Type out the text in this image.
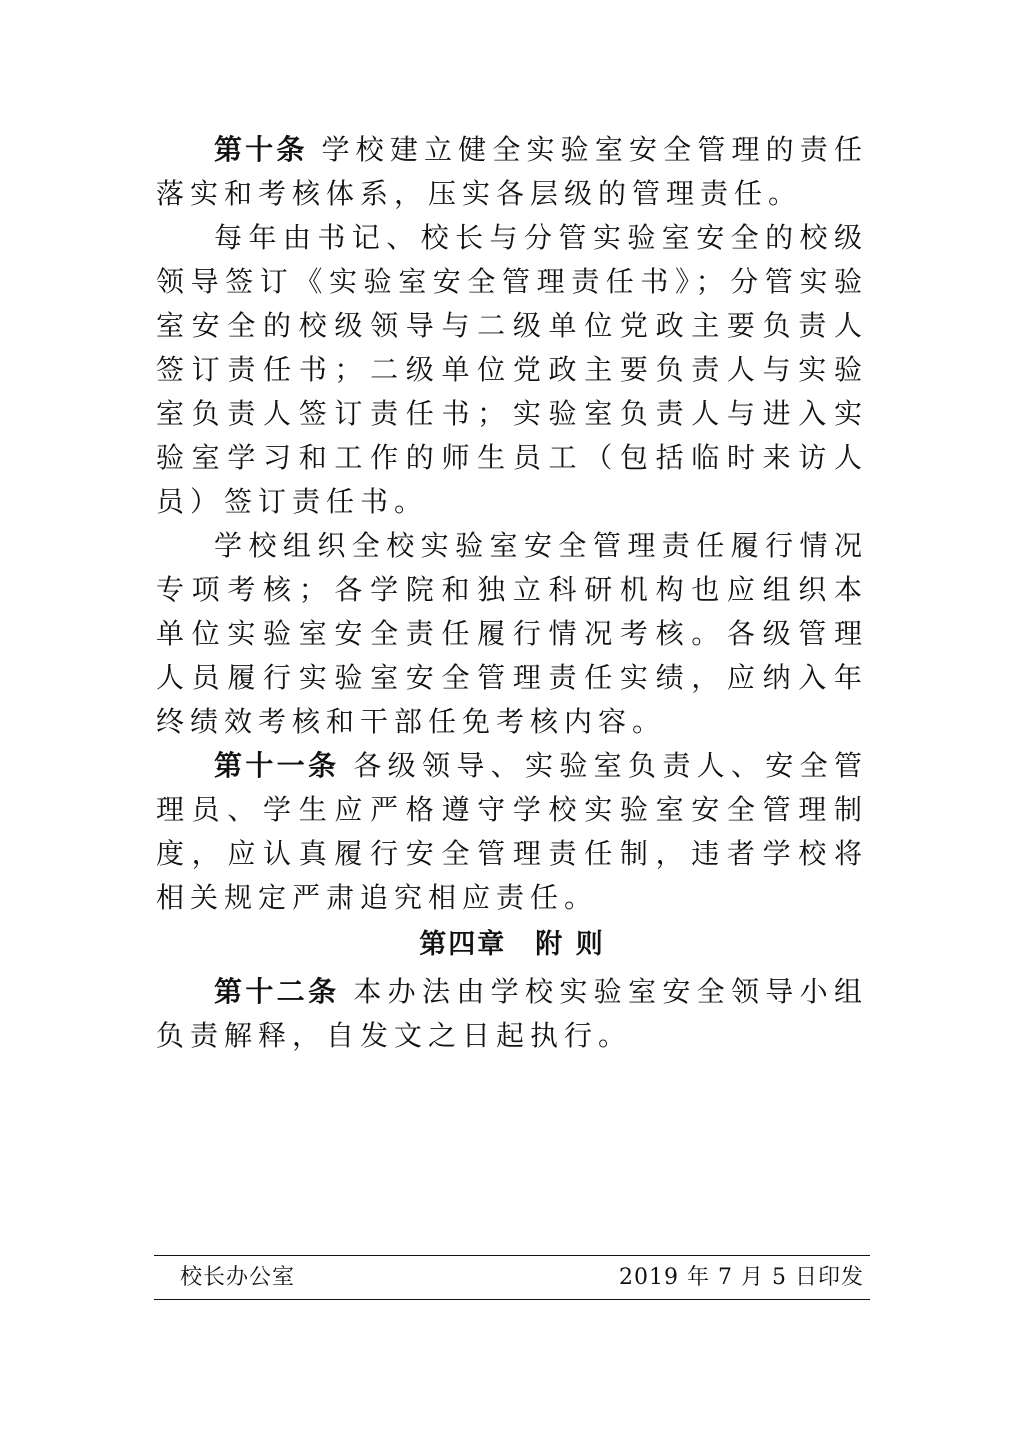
第十条 学校建立健全实验室安全管理的责任落实和考核体系，压实各层级的管理责任。

每年由书记、校长与分管实验室安全的校级领导签订《实验室安全管理责任书》；分管实验室安全的校级领导与二级单位党政主要负责人签订责任书；二级单位党政主要负责人与实验室负责人签订责任书；实验室负责人与进入实验室学习和工作的师生员工（包括临时来访人员）签订责任书。

学校组织全校实验室安全管理责任履行情况专项考核；各学院和独立科研机构也应组织本单位实验室安全责任履行情况考核。各级管理人员履行实验室安全管理责任实绩，应纳入年终绩效考核和干部任免考核内容。

第十一条 各级领导、实验室负责人、安全管理员、学生应严格遵守学校实验室安全管理制度，应认真履行安全管理责任制，违者学校将相关规定严肃追究相应责任。

第四章　附 则

第十二条 本办法由学校实验室安全领导小组负责解释，自发文之日起执行。

校长办公室	2019 年 7 月 5 日印发
